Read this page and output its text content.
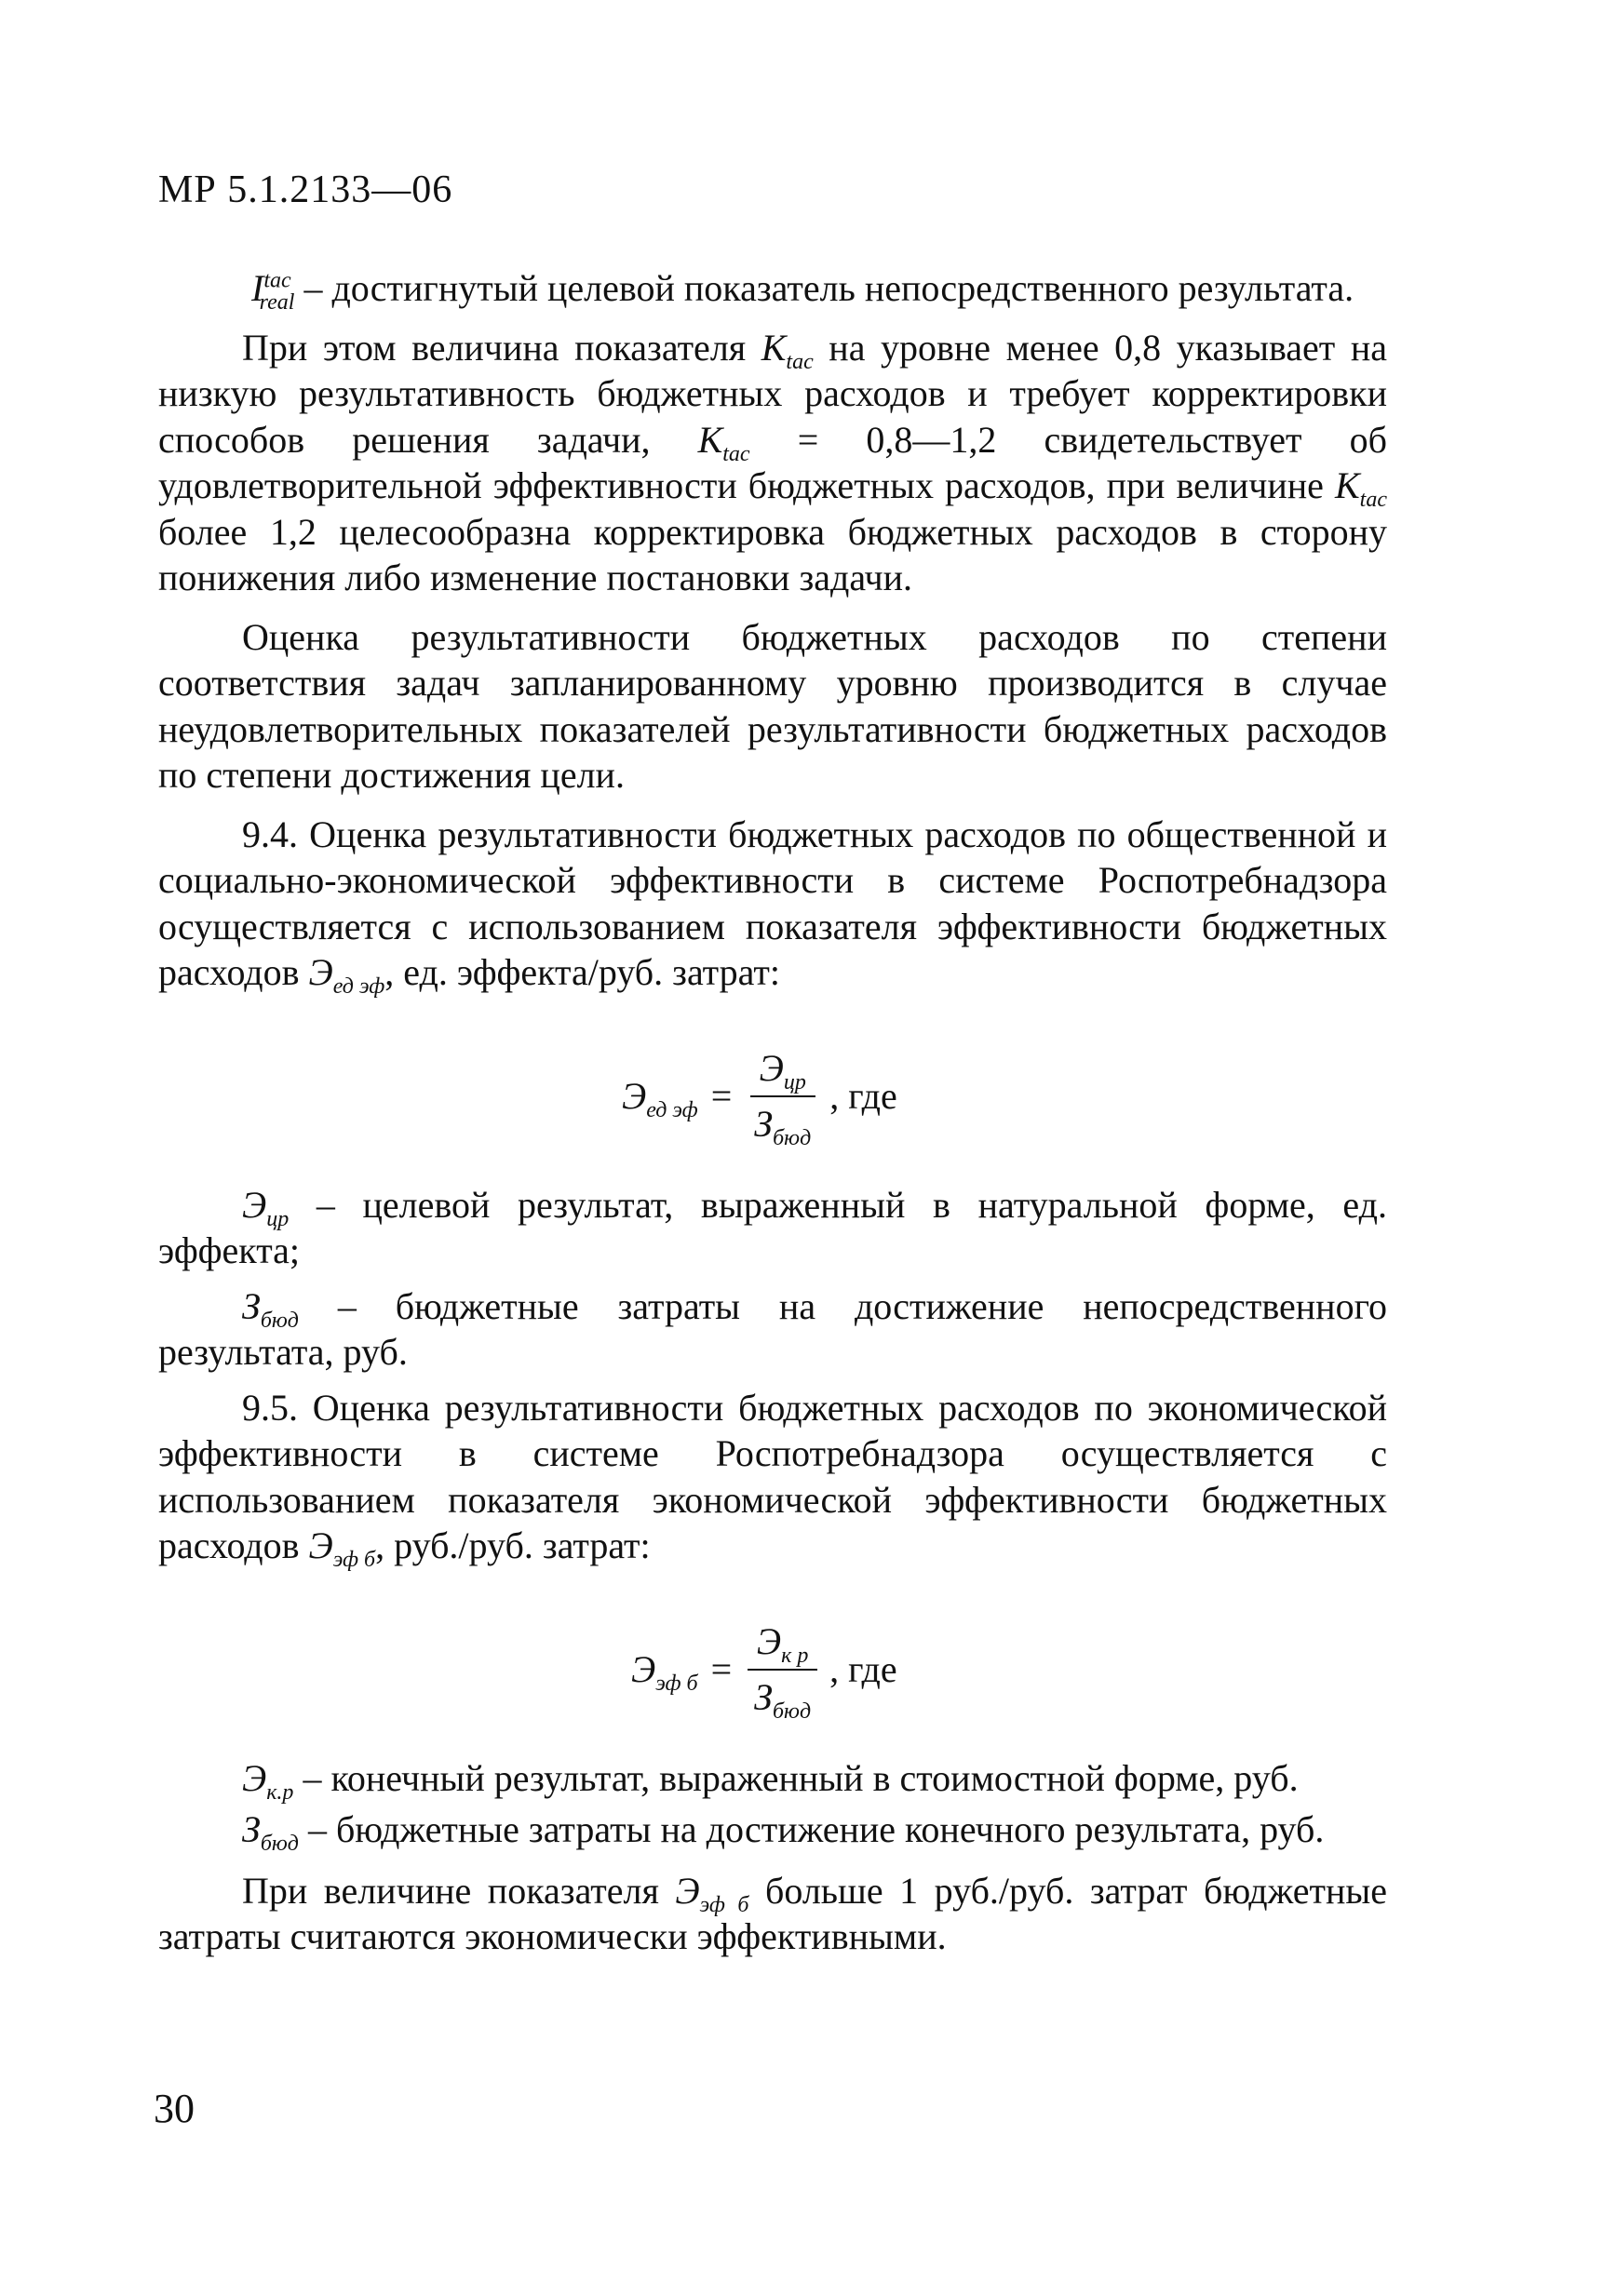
МР 5.1.2133—06

$I^{tac}_{real}$ – достигнутый целевой показатель непосредственного результата.

При этом величина показателя $K_{tac}$ на уровне менее 0,8 указывает на низкую результативность бюджетных расходов и требует корректировки способов решения задачи, $K_{tac}$ = 0,8—1,2 свидетельствует об удовлетворительной эффективности бюджетных расходов, при величине $K_{tac}$ более 1,2 целесообразна корректировка бюджетных расходов в сторону понижения либо изменение постановки задачи.

Оценка результативности бюджетных расходов по степени соответствия задач запланированному уровню производится в случае неудовлетворительных показателей результативности бюджетных расходов по степени достижения цели.

9.4. Оценка результативности бюджетных расходов по общественной и социально-экономической эффективности в системе Роспотребнадзора осуществляется с использованием показателя эффективности бюджетных расходов $Э_{ед эф}$, ед. эффекта/руб. затрат:

$Э_{ед эф} = \frac{Э_{цр}}{З_{бюд}}$ , где

$Э_{цр}$ – целевой результат, выраженный в натуральной форме, ед. эффекта;

$З_{бюд}$ – бюджетные затраты на достижение непосредственного результата, руб.

9.5. Оценка результативности бюджетных расходов по экономической эффективности в системе Роспотребнадзора осуществляется с использованием показателя экономической эффективности бюджетных расходов $Э_{эф б}$, руб./руб. затрат:

$Э_{эф б} = \frac{Э_{к р}}{З_{бюд}}$ , где

$Э_{к.р}$ – конечный результат, выраженный в стоимостной форме, руб.

$З_{бюд}$ – бюджетные затраты на достижение конечного результата, руб.

При величине показателя $Э_{эф б}$ больше 1 руб./руб. затрат бюджетные затраты считаются экономически эффективными.

30
